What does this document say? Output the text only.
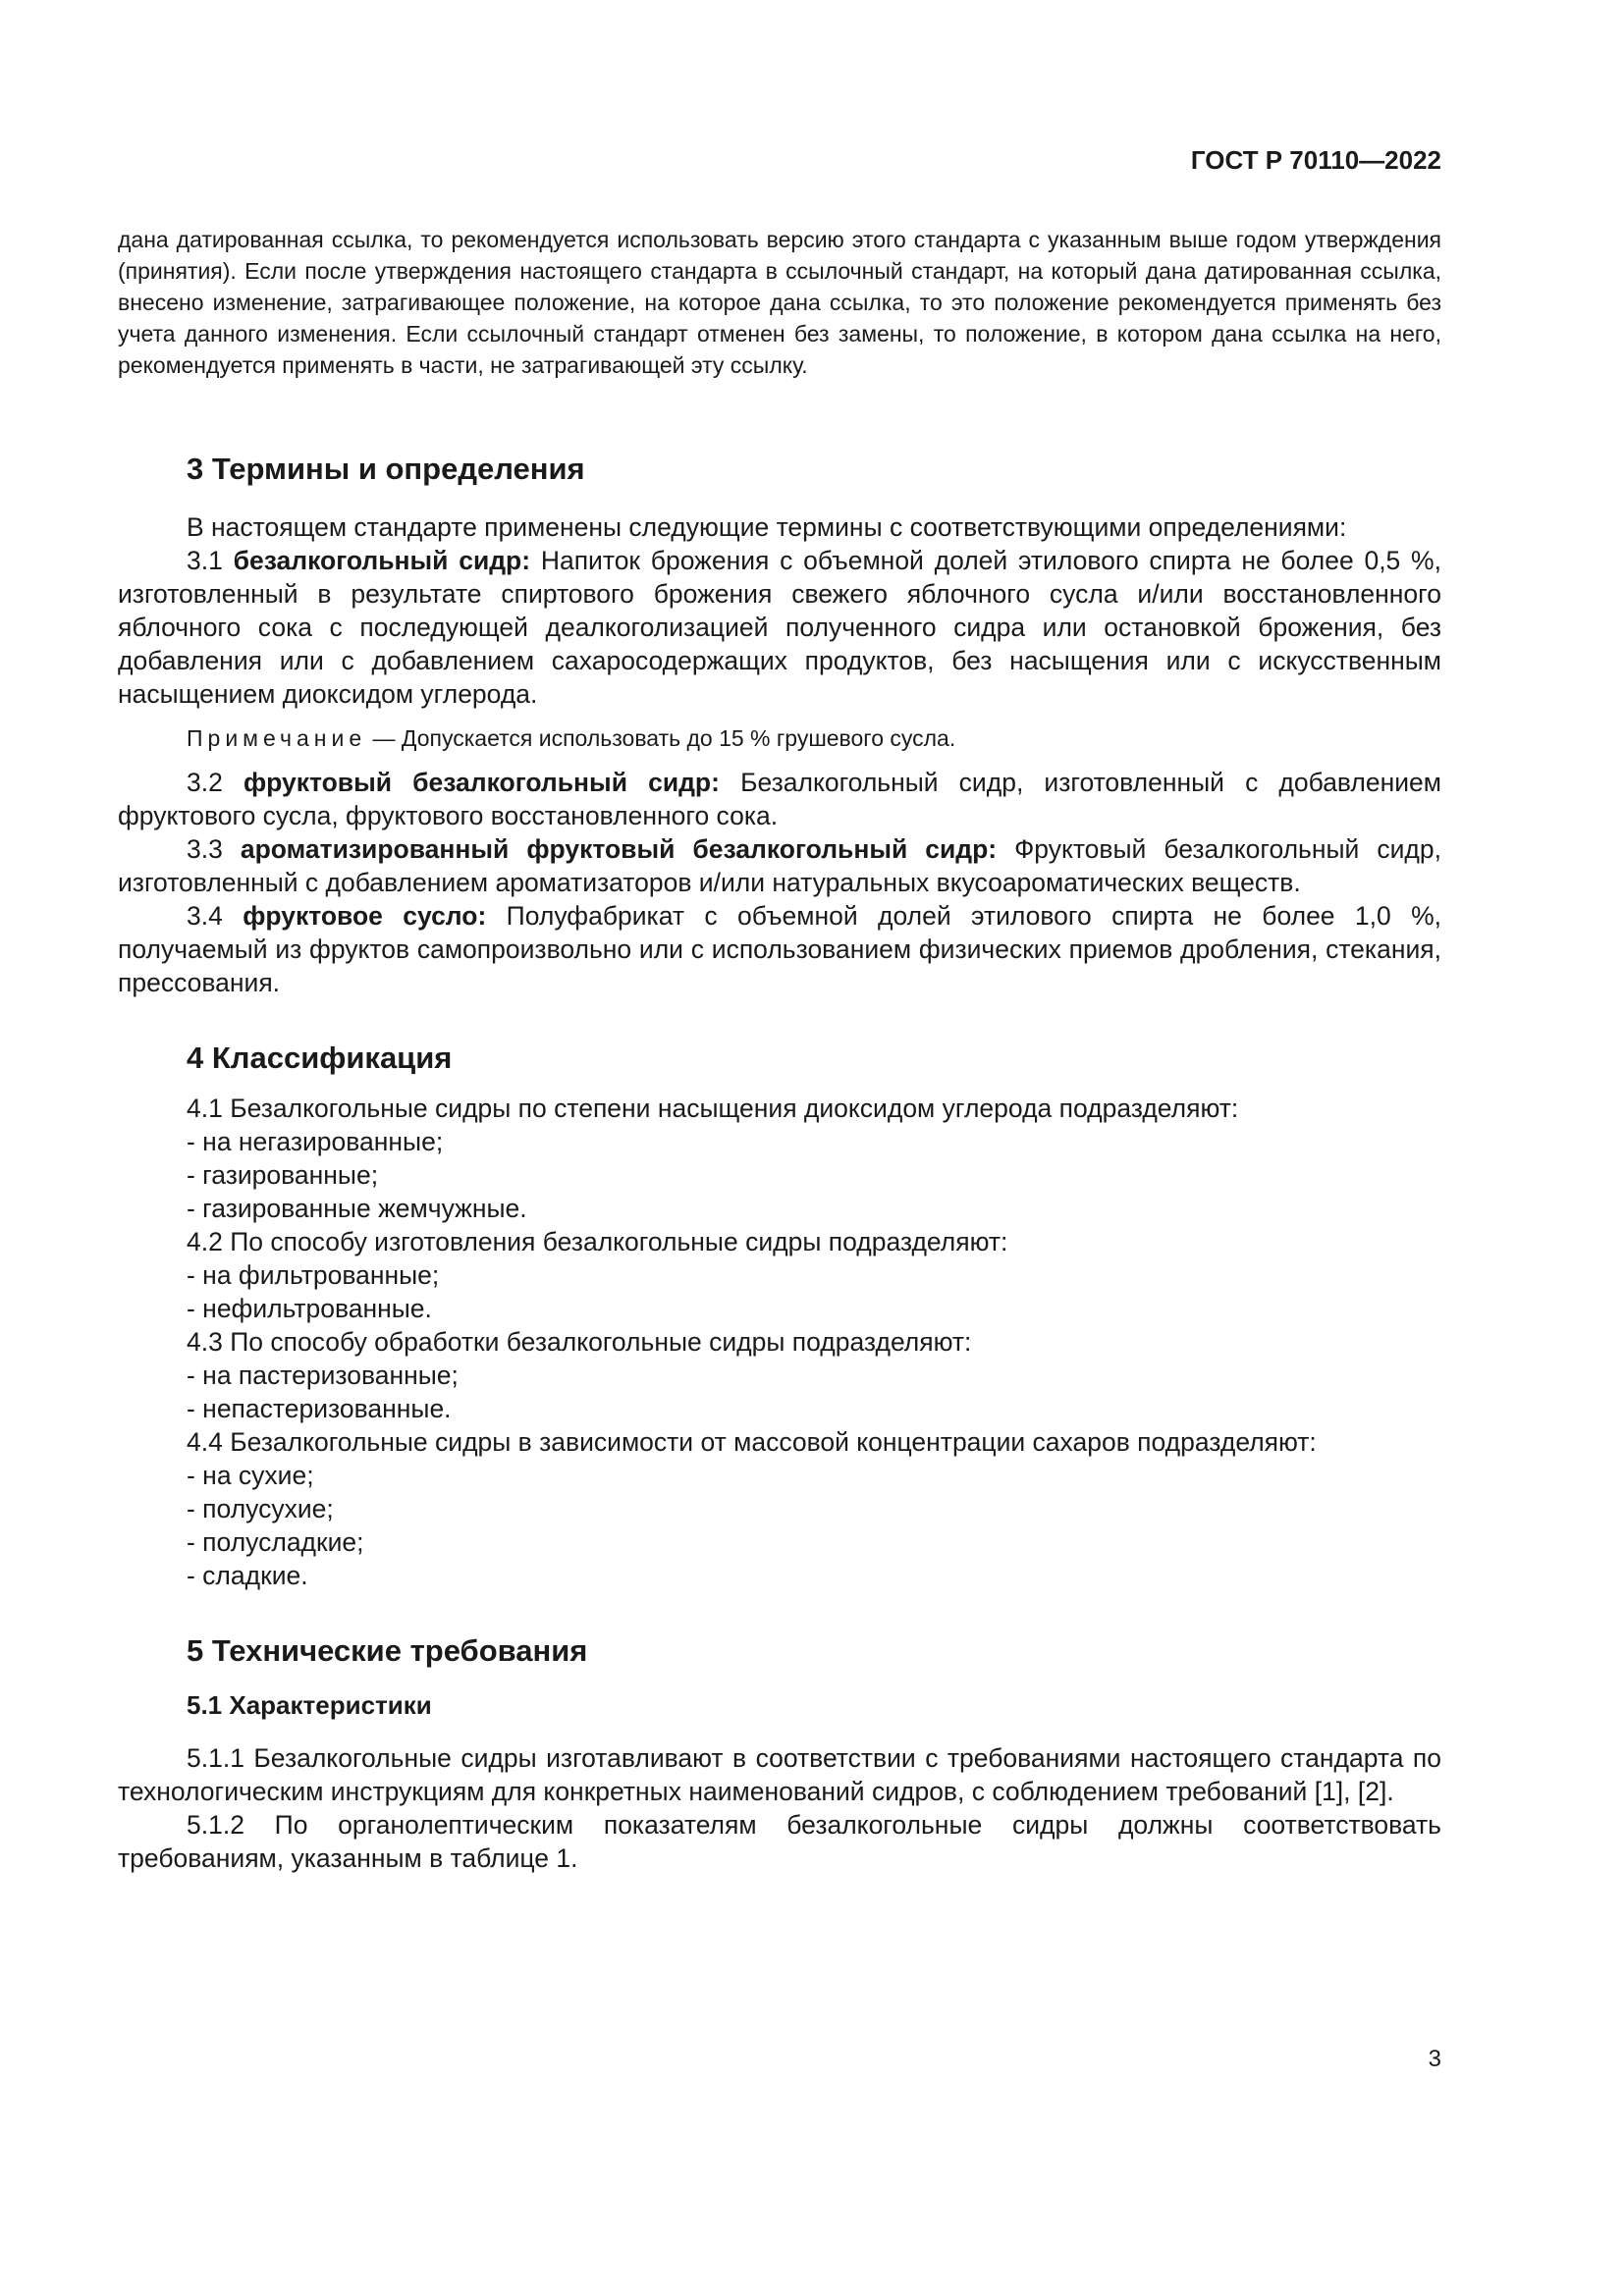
ГОСТ Р 70110—2022

дана датированная ссылка, то рекомендуется использовать версию этого стандарта с указанным выше годом утверждения (принятия). Если после утверждения настоящего стандарта в ссылочный стандарт, на который дана датированная ссылка, внесено изменение, затрагивающее положение, на которое дана ссылка, то это положение рекомендуется применять без учета данного изменения. Если ссылочный стандарт отменен без замены, то положение, в котором дана ссылка на него, рекомендуется применять в части, не затрагивающей эту ссылку.

3 Термины и определения

В настоящем стандарте применены следующие термины с соответствующими определениями:

3.1 безалкогольный сидр: Напиток брожения с объемной долей этилового спирта не более 0,5 %, изготовленный в результате спиртового брожения свежего яблочного сусла и/или восстановленного яблочного сока с последующей деалкоголизацией полученного сидра или остановкой брожения, без добавления или с добавлением сахаросодержащих продуктов, без насыщения или с искусственным насыщением диоксидом углерода.

Примечание — Допускается использовать до 15 % грушевого сусла.

3.2 фруктовый безалкогольный сидр: Безалкогольный сидр, изготовленный с добавлением фруктового сусла, фруктового восстановленного сока.

3.3 ароматизированный фруктовый безалкогольный сидр: Фруктовый безалкогольный сидр, изготовленный с добавлением ароматизаторов и/или натуральных вкусоароматических веществ.

3.4 фруктовое сусло: Полуфабрикат с объемной долей этилового спирта не более 1,0 %, получаемый из фруктов самопроизвольно или с использованием физических приемов дробления, стекания, прессования.

4 Классификация

4.1 Безалкогольные сидры по степени насыщения диоксидом углерода подразделяют:

- на негазированные;

- газированные;

- газированные жемчужные.

4.2 По способу изготовления безалкогольные сидры подразделяют:

- на фильтрованные;

- нефильтрованные.

4.3 По способу обработки безалкогольные сидры подразделяют:

- на пастеризованные;

- непастеризованные.

4.4 Безалкогольные сидры в зависимости от массовой концентрации сахаров подразделяют:

- на сухие;

- полусухие;

- полусладкие;

- сладкие.

5 Технические требования
5.1 Характеристики

5.1.1 Безалкогольные сидры изготавливают в соответствии с требованиями настоящего стандарта по технологическим инструкциям для конкретных наименований сидров, с соблюдением требований [1], [2].

5.1.2 По органолептическим показателям безалкогольные сидры должны соответствовать требованиям, указанным в таблице 1.

3
